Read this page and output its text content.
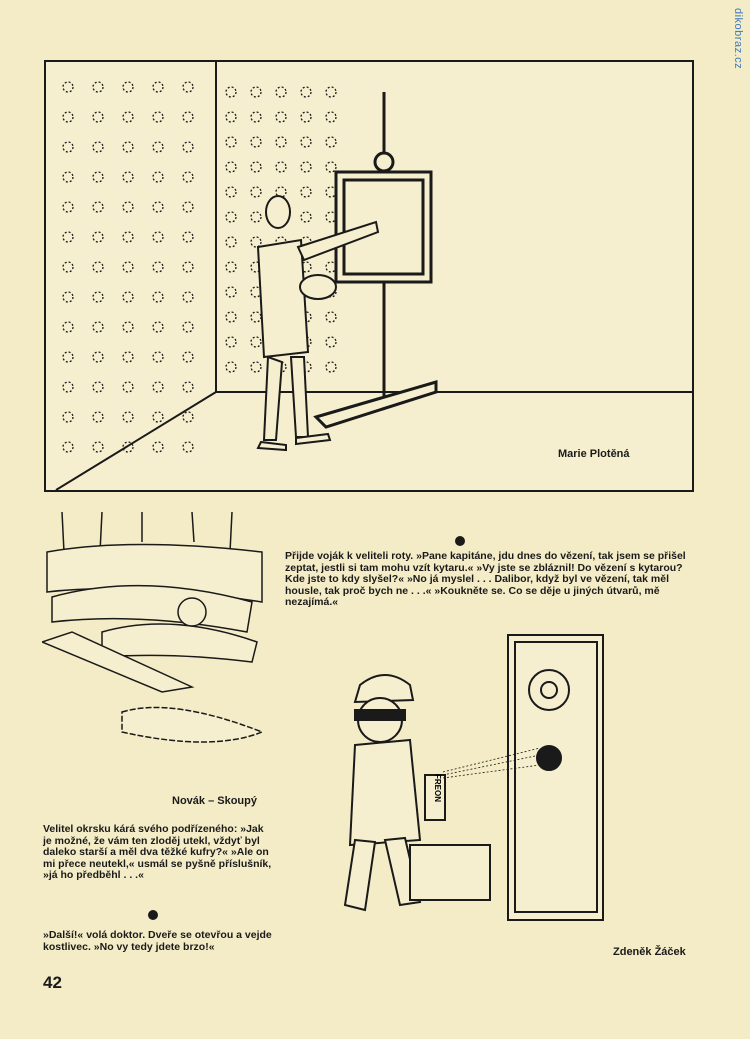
dikobraz.cz
Marie Plotěná
Novák – Skoupý
Přijde voják k veliteli roty. »Pane kapitáne, jdu dnes do vězení, tak jsem se přišel zeptat, jestli si tam mohu vzít kytaru.« »Vy jste se zbláznil! Do vězení s kytarou? Kde jste to kdy slyšel?« »No já myslel . . . Dalibor, když byl ve vězení, tak měl housle, tak proč bych ne . . .« »Koukněte se. Co se děje u jiných útvarů, mě nezajímá.«
FREON
Zdeněk Žáček
Velitel okrsku kárá svého podřízeného: »Jak je možné, že vám ten zloděj utekl, vždyť byl daleko starší a měl dva těžké kufry?« »Ale on mi přece neutekl,« usmál se pyšně příslušník, »já ho předběhl . . .«
»Další!« volá doktor. Dveře se otevřou a vejde kostlivec. »No vy tedy jdete brzo!«
42
